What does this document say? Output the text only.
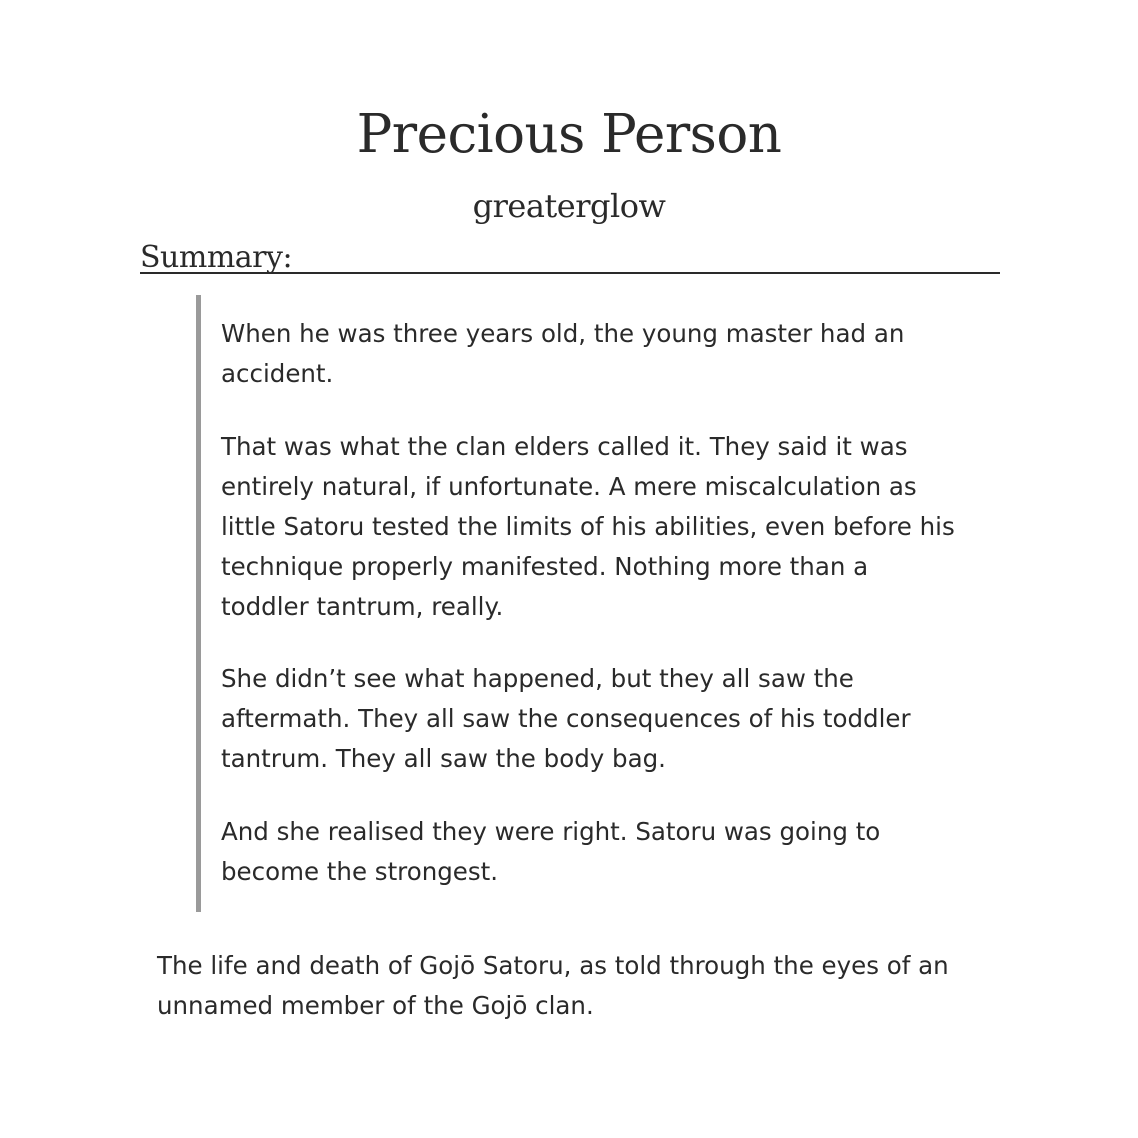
Precious Person
greaterglow
Summary:

When he was three years old, the young master had an accident.

That was what the clan elders called it. They said it was entirely natural, if unfortunate. A mere miscalculation as little Satoru tested the limits of his abilities, even before his technique properly manifested. Nothing more than a toddler tantrum, really.

She didn’t see what happened, but they all saw the aftermath. They all saw the consequences of his toddler tantrum. They all saw the body bag.

And she realised they were right. Satoru was going to become the strongest.

The life and death of Gojō Satoru, as told through the eyes of an unnamed member of the Gojō clan.
